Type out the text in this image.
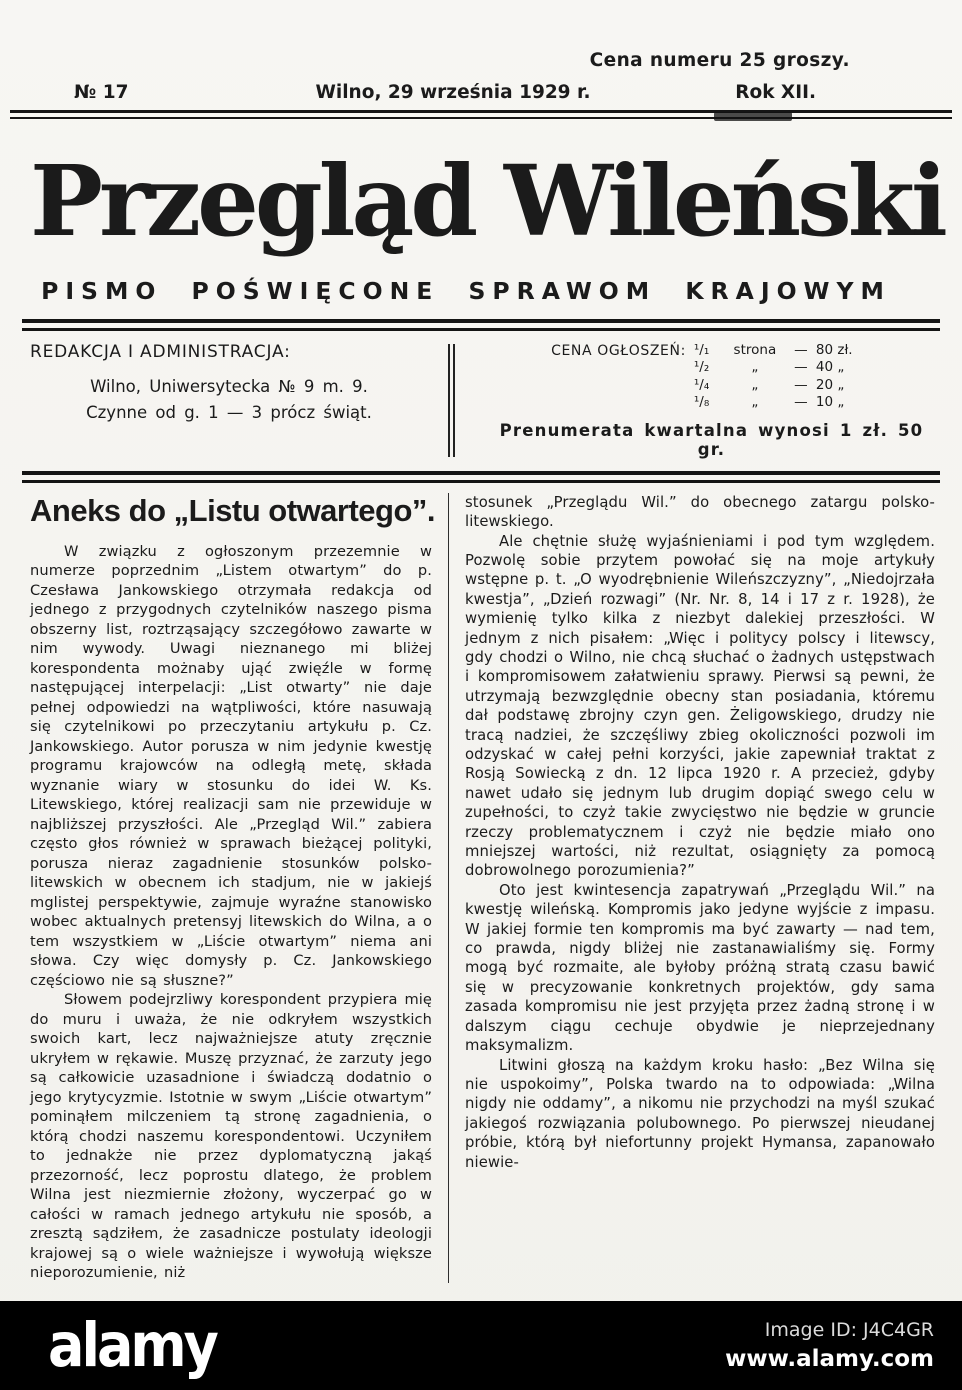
Cena numeru 25 groszy.
№ 17	Wilno, 29 września 1929 r.	Rok XII.
Przegląd Wileński
PISMO POŚWIĘCONE SPRAWOM KRAJOWYM
REDAKCJA I ADMINISTRACJA:
Wilno, Uniwersytecka № 9 m. 9.
Czynne od g. 1 — 3 prócz świąt.
CENA OGŁOSZEŃ: ¹/₁	strona	— 80 zł.
¹/₂	„	— 40 „
¹/₄	„	— 20 „
¹/₈	„	— 10 „
Prenumerata kwartalna wynosi 1 zł. 50 gr.
Aneks do „Listu otwartego”.

W związku z ogłoszonym przezemnie w numerze poprzednim „Listem otwartym” do p. Czesława Jankowskiego otrzymała redakcja od jednego z przygodnych czytelników naszego pisma obszerny list, roztrząsający szczegółowo zawarte w nim wywody. Uwagi nieznanego mi bliżej korespondenta możnaby ująć zwięźle w formę następującej interpelacji: „List otwarty” nie daje pełnej odpowiedzi na wątpliwości, które nasuwają się czytelnikowi po przeczytaniu artykułu p. Cz. Jankowskiego. Autor porusza w nim jedynie kwestję programu krajowców na odległą metę, składa wyznanie wiary w stosunku do idei W. Ks. Litewskiego, której realizacji sam nie przewiduje w najbliższej przyszłości. Ale „Przegląd Wil.” zabiera często głos również w sprawach bieżącej polityki, porusza nieraz zagadnienie stosunków polsko-litewskich w obecnem ich stadjum, nie w jakiejś mglistej perspektywie, zajmuje wyraźne stanowisko wobec aktualnych pretensyj litewskich do Wilna, a o tem wszystkiem w „Liście otwartym” niema ani słowa. Czy więc domysły p. Cz. Jankowskiego częściowo nie są słuszne?”

Słowem podejrzliwy korespondent przypiera mię do muru i uważa, że nie odkryłem wszystkich swoich kart, lecz najważniejsze atuty zręcznie ukryłem w rękawie. Muszę przyznać, że zarzuty jego są całkowicie uzasadnione i świadczą dodatnio o jego krytycyzmie. Istotnie w swym „Liście otwartym” pominąłem milczeniem tą stronę zagadnienia, o którą chodzi naszemu korespondentowi. Uczyniłem to jednakże nie przez dyplomatyczną jakąś przezorność, lecz poprostu dlatego, że problem Wilna jest niezmiernie złożony, wyczerpać go w całości w ramach jednego artykułu nie sposób, a zresztą sądziłem, że zasadnicze postulaty ideologji krajowej są o wiele ważniejsze i wywołują większe nieporozumienie, niż

stosunek „Przeglądu Wil.” do obecnego zatargu polsko-litewskiego.

Ale chętnie służę wyjaśnieniami i pod tym względem. Pozwolę sobie przytem powołać się na moje artykuły wstępne p. t. „O wyodrębnienie Wileńszczyzny”, „Niedojrzała kwestja”, „Dzień rozwagi” (Nr. Nr. 8, 14 i 17 z r. 1928), że wymienię tylko kilka z niezbyt dalekiej przeszłości. W jednym z nich pisałem: „Więc i politycy polscy i litewscy, gdy chodzi o Wilno, nie chcą słuchać o żadnych ustępstwach i kompromisowem załatwieniu sprawy. Pierwsi są pewni, że utrzymają bezwzględnie obecny stan posiadania, któremu dał podstawę zbrojny czyn gen. Żeligowskiego, drudzy nie tracą nadziei, że szczęśliwy zbieg okoliczności pozwoli im odzyskać w całej pełni korzyści, jakie zapewniał traktat z Rosją Sowiecką z dn. 12 lipca 1920 r. A przecież, gdyby nawet udało się jednym lub drugim dopiąć swego celu w zupełności, to czyż takie zwycięstwo nie będzie w gruncie rzeczy problematycznem i czyż nie będzie miało ono mniejszej wartości, niż rezultat, osiągnięty za pomocą dobrowolnego porozumienia?”

Oto jest kwintesencja zapatrywań „Przeglądu Wil.” na kwestję wileńską. Kompromis jako jedyne wyjście z impasu. W jakiej formie ten kompromis ma być zawarty — nad tem, co prawda, nigdy bliżej nie zastanawialiśmy się. Formy mogą być rozmaite, ale byłoby próżną stratą czasu bawić się w precyzowanie konkretnych projektów, gdy sama zasada kompromisu nie jest przyjęta przez żadną stronę i w dalszym ciągu cechuje obydwie je nieprzejednany maksymalizm.

Litwini głoszą na każdym kroku hasło: „Bez Wilna się nie uspokoimy”, Polska twardo na to odpowiada: „Wilna nigdy nie oddamy”, a nikomu nie przychodzi na myśl szukać jakiegoś rozwiązania polubownego. Po pierwszej nieudanej próbie, którą był niefortunny projekt Hymansa, zapanowało niewie-

alamy	Image ID: J4C4GR
www.alamy.com
